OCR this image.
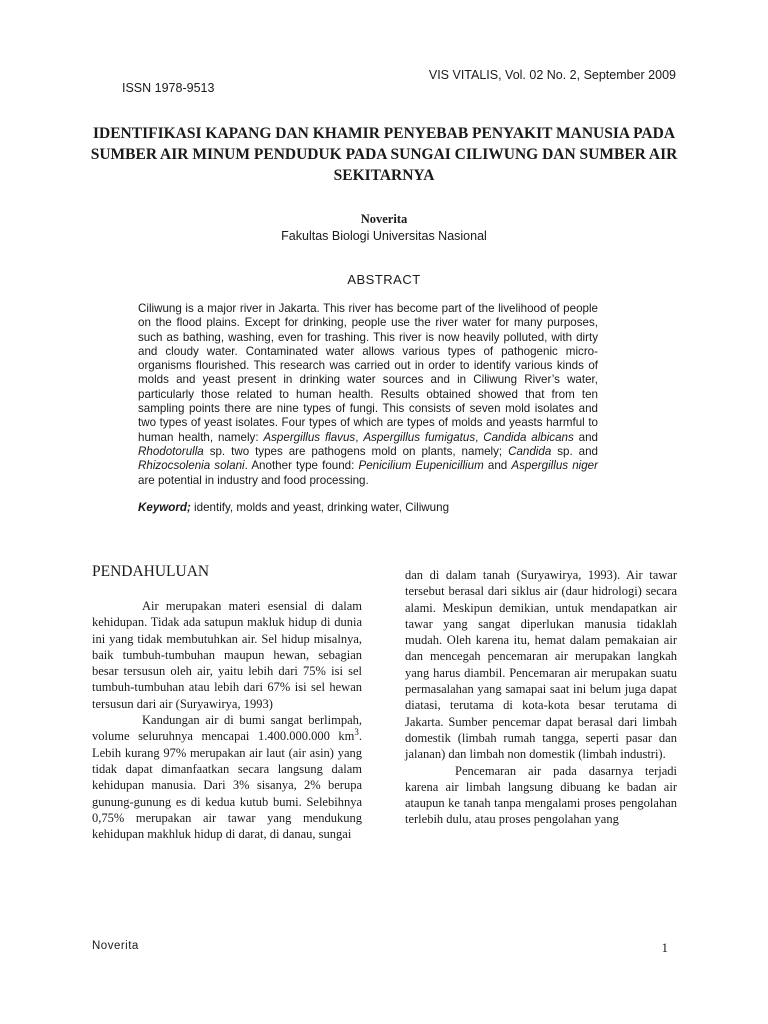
VIS VITALIS, Vol. 02 No. 2, September 2009
ISSN 1978-9513
IDENTIFIKASI KAPANG DAN KHAMIR PENYEBAB PENYAKIT MANUSIA PADA SUMBER AIR MINUM PENDUDUK PADA SUNGAI CILIWUNG DAN SUMBER AIR SEKITARNYA
Noverita
Fakultas Biologi Universitas Nasional
ABSTRACT

Ciliwung is a major river in Jakarta. This river has become part of the livelihood of people on the flood plains. Except for drinking, people use the river water for many purposes, such as bathing, washing, even for trashing. This river is now heavily polluted, with dirty and cloudy water. Contaminated water allows various types of pathogenic micro-organisms flourished. This research was carried out in order to identify various kinds of molds and yeast present in drinking water sources and in Ciliwung River’s water, particularly those related to human health. Results obtained showed that from ten sampling points there are nine types of fungi. This consists of seven mold isolates and two types of yeast isolates. Four types of which are types of molds and yeasts harmful to human health, namely: Aspergillus flavus, Aspergillus fumigatus, Candida albicans and Rhodotorulla sp. two types are pathogens mold on plants, namely; Candida sp. and Rhizocsolenia solani. Another type found: Penicilium Eupenicillium and Aspergillus niger are potential in industry and food processing.

Keyword; identify, molds and yeast, drinking water, Ciliwung
PENDAHULUAN

Air merupakan materi esensial di dalam kehidupan. Tidak ada satupun makluk hidup di dunia ini yang tidak membutuhkan air. Sel hidup misalnya, baik tumbuh-tumbuhan maupun hewan, sebagian besar tersusun oleh air, yaitu lebih dari 75% isi sel tumbuh-tumbuhan atau lebih dari 67% isi sel hewan tersusun dari air (Suryawirya, 1993)

Kandungan air di bumi sangat berlimpah, volume seluruhnya mencapai 1.400.000.000 $km^3$. Lebih kurang 97% merupakan air laut (air asin) yang tidak dapat dimanfaatkan secara langsung dalam kehidupan manusia. Dari 3% sisanya, 2% berupa gunung-gunung es di kedua kutub bumi. Selebihnya 0,75% merupakan air tawar yang mendukung kehidupan makhluk hidup di darat, di danau, sungai

dan di dalam tanah (Suryawirya, 1993). Air tawar tersebut berasal dari siklus air (daur hidrologi) secara alami. Meskipun demikian, untuk mendapatkan air tawar yang sangat diperlukan manusia tidaklah mudah. Oleh karena itu, hemat dalam pemakaian air dan mencegah pencemaran air merupakan langkah yang harus diambil. Pencemaran air merupakan suatu permasalahan yang samapai saat ini belum juga dapat diatasi, terutama di kota-kota besar terutama di Jakarta. Sumber pencemar dapat berasal dari limbah domestik (limbah rumah tangga, seperti pasar dan jalanan) dan limbah non domestik (limbah industri).

Pencemaran air pada dasarnya terjadi karena air limbah langsung dibuang ke badan air ataupun ke tanah tanpa mengalami proses pengolahan terlebih dulu, atau proses pengolahan yang

Noverita	1
